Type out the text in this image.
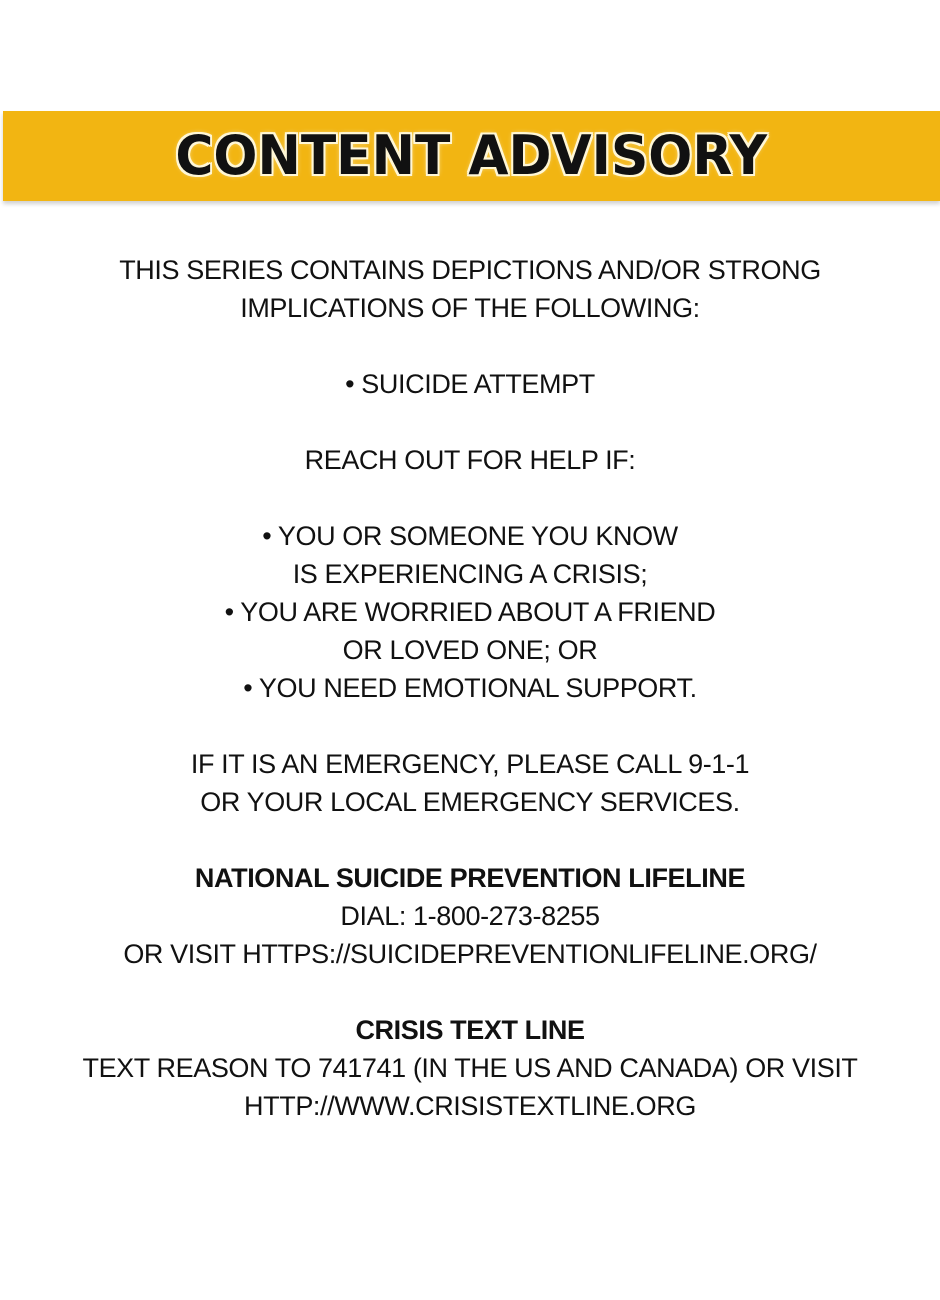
CONTENT ADVISORY
THIS SERIES CONTAINS DEPICTIONS AND/OR STRONG
IMPLICATIONS OF THE FOLLOWING:
• SUICIDE ATTEMPT
REACH OUT FOR HELP IF:
• YOU OR SOMEONE YOU KNOW
IS EXPERIENCING A CRISIS;
• YOU ARE WORRIED ABOUT A FRIEND
OR LOVED ONE; OR
• YOU NEED EMOTIONAL SUPPORT.
IF IT IS AN EMERGENCY, PLEASE CALL 9-1-1
OR YOUR LOCAL EMERGENCY SERVICES.
NATIONAL SUICIDE PREVENTION LIFELINE
DIAL: 1-800-273-8255
OR VISIT HTTPS://SUICIDEPREVENTIONLIFELINE.ORG/
CRISIS TEXT LINE
TEXT REASON TO 741741 (IN THE US AND CANADA) OR VISIT
HTTP://WWW.CRISISTEXTLINE.ORG
